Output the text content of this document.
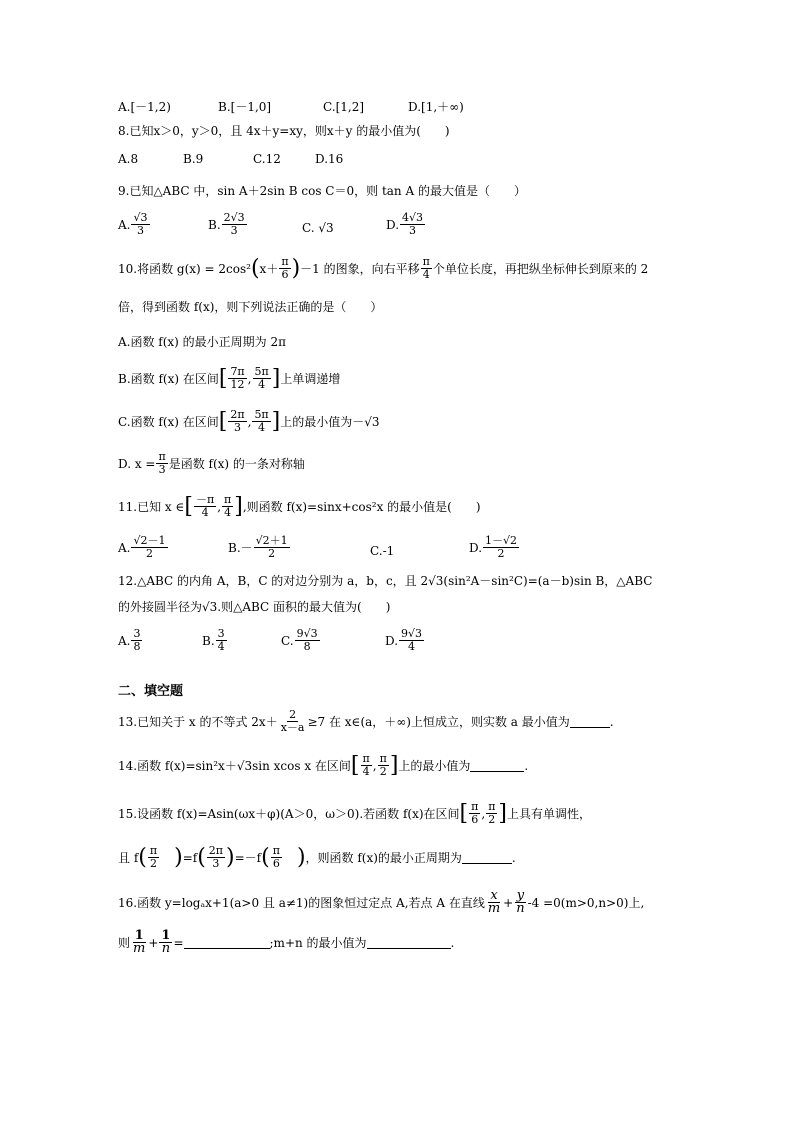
A.[－1,2)	B.[－1,0]	C.[1,2]	D.[1,＋∞)
8.已知x＞0，y＞0，且 4x＋y=xy，则x＋y 的最小值为(　　)
A.8	B.9	C.12	D.16
9.已知△ABC 中，sin A＋2sin B cos C＝0，则 tan A 的最大值是（　　）
A. $\frac{√3}{3}$	B. $\frac{2√3}{3}$	C. √3	D. $\frac{4√3}{3}$
10.将函数 g(x) = 2cos² ( $x+ \frac{\pi}{6}$ ) －1 的图象，向右平移 $\frac{\pi}{4}$ 个单位长度，再把纵坐标伸长到原来的 2
倍，得到函数 f(x)，则下列说法正确的是（　　）
A.函数 f(x) 的最小正周期为 2π
B.函数 f(x) 在区间 [ $\frac{7\pi}{12}$ , $\frac{5\pi}{4}$ ] 上单调递增
C.函数 f(x) 在区间 [ $\frac{2\pi}{3}$ , $\frac{5\pi}{4}$ ] 上的最小值为－√3
D. $x = \frac{\pi}{3}$ 是函数 f(x) 的一条对称轴
11.已知 x ∈ [ $\frac{-\pi}{4}$ , $\frac{\pi}{4}$ ] ,则函数 f(x)=sinx+cos²x 的最小值是(　　)
A. $\frac{√2-1}{2}$	$B.- \frac{√2+1}{2}$	C.-1	D. $\frac{1-√2}{2}$
12.△ABC 的内角 A，B，C 的对边分别为 a，b，c，且 2√3(sin²A－sin²C)=(a－b)sin B，△ABC
的外接圆半径为√3.则△ABC 面积的最大值为(　　)
A. $\frac{3}{8}$	B. $\frac{3}{4}$	C. $\frac{9√3}{8}$	D. $\frac{9√3}{4}$
二、填空题
13.已知关于 x 的不等式 $2x+ \frac{2}{x-a} \ge 7$ 在 x∈(a，＋∞)上恒成立，则实数 a 最小值为	.
14.函数 f(x)=sin²x＋√3sin xcos x 在区间 [ $\frac{\pi}{4}$ , $\frac{\pi}{2}$ ] 上的最小值为	.
15.设函数 f(x)=Asin(ωx＋φ)(A＞0，ω＞0).若函数 f(x)在区间 [ $\frac{\pi}{6}$ , $\frac{\pi}{2}$ ] 上具有单调性，
且 f ( $\frac{\pi}{2}$ ) =f ( $\frac{2\pi}{3}$ ) =－f ( $\frac{\pi}{6}$ ) ，则函数 f(x)的最小正周期为	.
16.函数 y=logₐx+1(a>0 且 a≠1)的图象恒过定点 A,若点 A 在直线 $\frac{x}{m} + \frac{y}{n} -4 =0(m>0,n>0)$上,
则 $\frac{1}{m} + \frac{1}{n}$ =	;m+n 的最小值为	.
